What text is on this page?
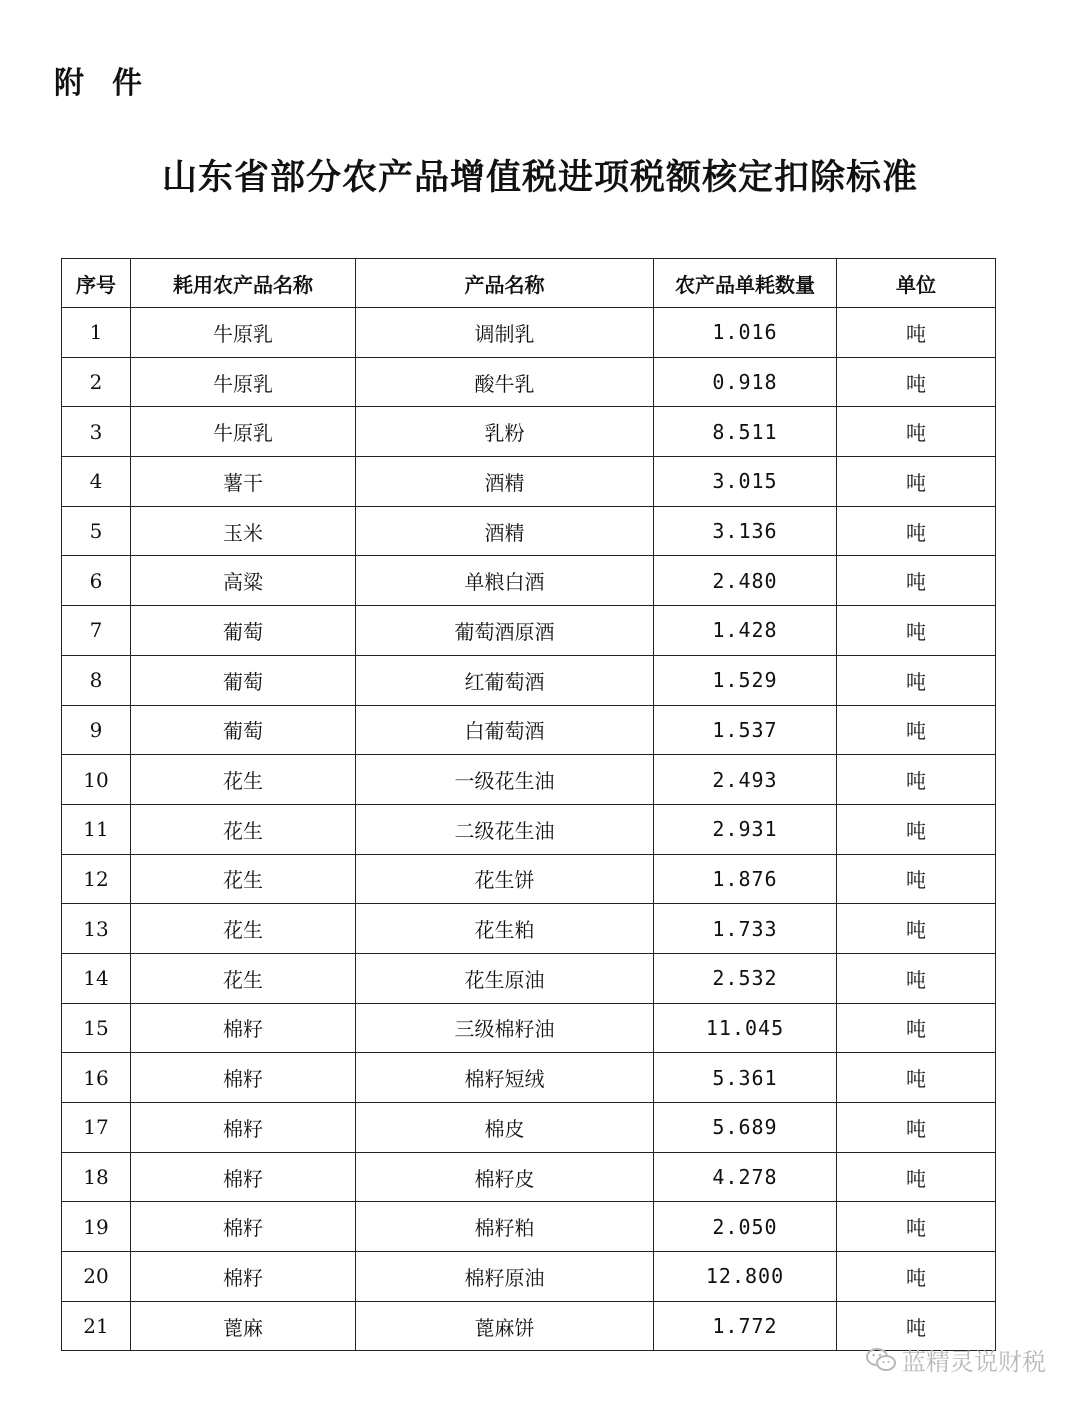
附件
山东省部分农产品增值税进项税额核定扣除标准
序号	耗用农产品名称	产品名称	农产品单耗数量	单位
1	牛原乳	调制乳	1.016	吨
2	牛原乳	酸牛乳	0.918	吨
3	牛原乳	乳粉	8.511	吨
4	薯干	酒精	3.015	吨
5	玉米	酒精	3.136	吨
6	高粱	单粮白酒	2.480	吨
7	葡萄	葡萄酒原酒	1.428	吨
8	葡萄	红葡萄酒	1.529	吨
9	葡萄	白葡萄酒	1.537	吨
10	花生	一级花生油	2.493	吨
11	花生	二级花生油	2.931	吨
12	花生	花生饼	1.876	吨
13	花生	花生粕	1.733	吨
14	花生	花生原油	2.532	吨
15	棉籽	三级棉籽油	11.045	吨
16	棉籽	棉籽短绒	5.361	吨
17	棉籽	棉皮	5.689	吨
18	棉籽	棉籽皮	4.278	吨
19	棉籽	棉籽粕	2.050	吨
20	棉籽	棉籽原油	12.800	吨
21	蓖麻	蓖麻饼	1.772	吨
蓝精灵说财税
